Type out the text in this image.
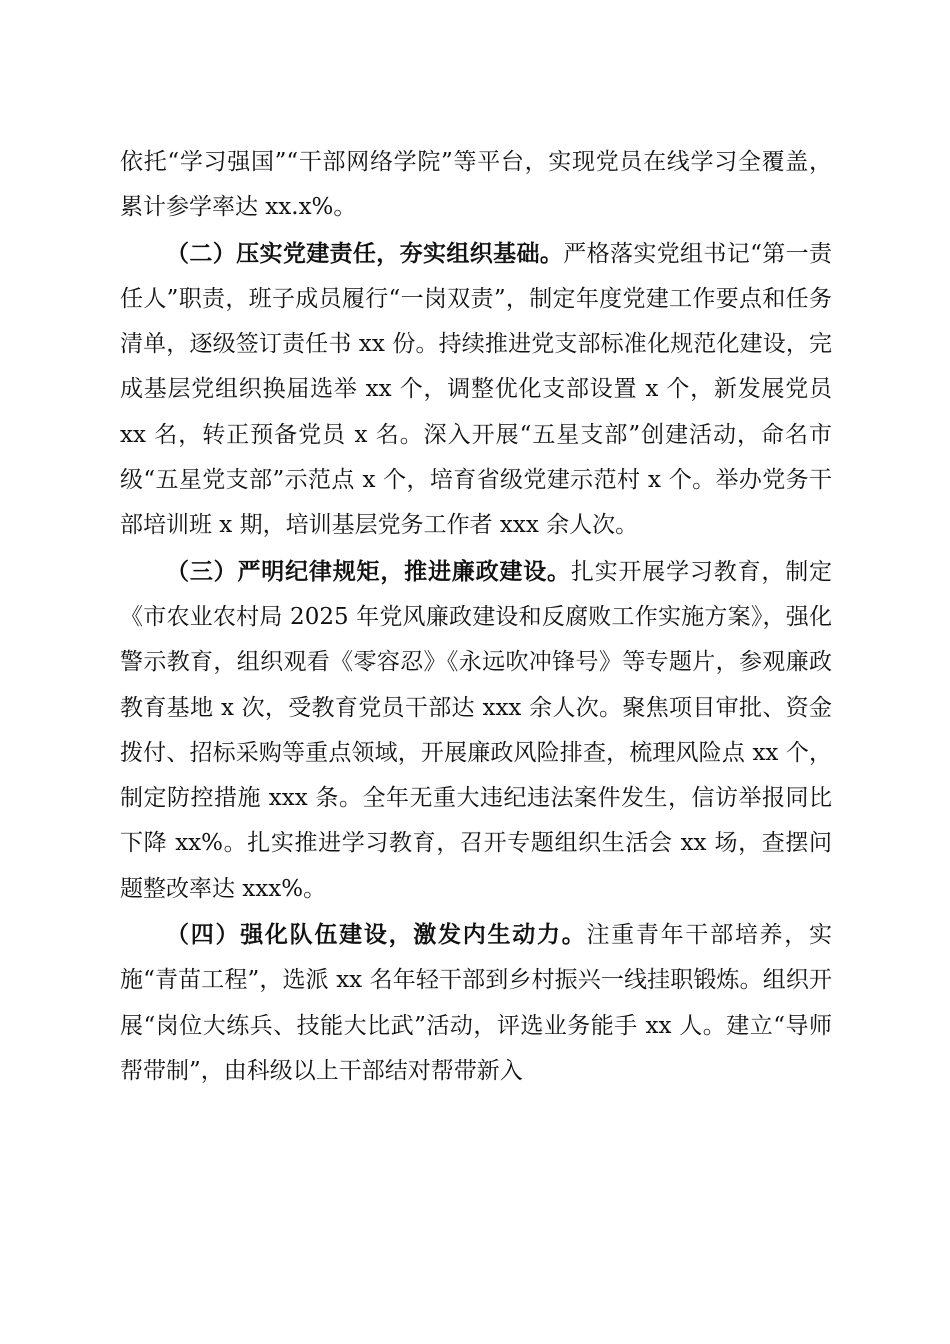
依托“学习强国”“干部网络学院”等平台，实现党员在线学习全覆盖，累计参学率达 xx.x%。

（二）压实党建责任，夯实组织基础。严格落实党组书记“第一责任人”职责，班子成员履行“一岗双责”，制定年度党建工作要点和任务清单，逐级签订责任书 xx 份。持续推进党支部标准化规范化建设，完成基层党组织换届选举 xx 个，调整优化支部设置 x 个，新发展党员 xx 名，转正预备党员 x 名。深入开展“五星支部”创建活动，命名市级“五星党支部”示范点 x 个，培育省级党建示范村 x 个。举办党务干部培训班 x 期，培训基层党务工作者 xxx 余人次。

（三）严明纪律规矩，推进廉政建设。扎实开展学习教育，制定《市农业农村局 2025 年党风廉政建设和反腐败工作实施方案》，强化警示教育，组织观看《零容忍》《永远吹冲锋号》等专题片，参观廉政教育基地 x 次，受教育党员干部达 xxx 余人次。聚焦项目审批、资金拨付、招标采购等重点领域，开展廉政风险排查，梳理风险点 xx 个，制定防控措施 xxx 条。全年无重大违纪违法案件发生，信访举报同比下降 xx%。扎实推进学习教育，召开专题组织生活会 xx 场，查摆问题整改率达 xxx%。

（四）强化队伍建设，激发内生动力。注重青年干部培养，实施“青苗工程”，选派 xx 名年轻干部到乡村振兴一线挂职锻炼。组织开展“岗位大练兵、技能大比武”活动，评选业务能手 xx 人。建立“导师帮带制”，由科级以上干部结对帮带新入
